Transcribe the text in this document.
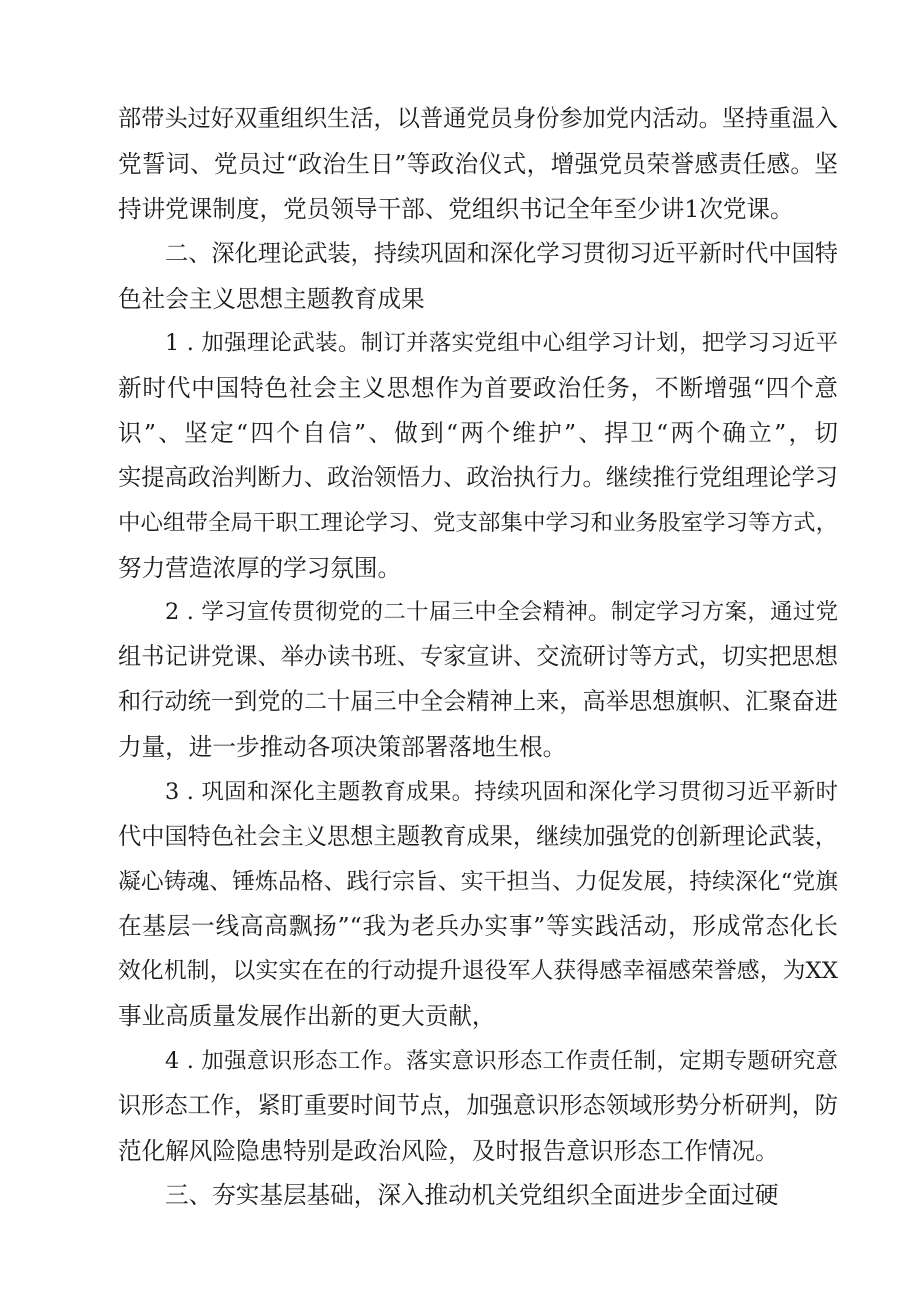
部带头过好双重组织生活，以普通党员身份参加党内活动。坚持重温入

党誓词、党员过“政治生日”等政治仪式，增强党员荣誉感责任感。坚

持讲党课制度，党员领导干部、党组织书记全年至少讲1次党课。

二、深化理论武装，持续巩固和深化学习贯彻习近平新时代中国特

色社会主义思想主题教育成果

1 . 加强理论武装。制订并落实党组中心组学习计划，把学习习近平

新时代中国特色社会主义思想作为首要政治任务，不断增强“四个意

识”、坚定“四个自信”、做到“两个维护”、捍卫“两个确立”，切

实提高政治判断力、政治领悟力、政治执行力。继续推行党组理论学习

中心组带全局干职工理论学习、党支部集中学习和业务股室学习等方式，

努力营造浓厚的学习氛围。

2 . 学习宣传贯彻党的二十届三中全会精神。制定学习方案，通过党

组书记讲党课、举办读书班、专家宣讲、交流研讨等方式，切实把思想

和行动统一到党的二十届三中全会精神上来，高举思想旗帜、汇聚奋进

力量，进一步推动各项决策部署落地生根。

3 . 巩固和深化主题教育成果。持续巩固和深化学习贯彻习近平新时

代中国特色社会主义思想主题教育成果，继续加强党的创新理论武装，

凝心铸魂、锤炼品格、践行宗旨、实干担当、力促发展，持续深化“党旗

在基层一线高高飘扬”“我为老兵办实事”等实践活动，形成常态化长

效化机制，以实实在在的行动提升退役军人获得感幸福感荣誉感，为XX

事业高质量发展作出新的更大贡献，

4 . 加强意识形态工作。落实意识形态工作责任制，定期专题研究意

识形态工作，紧盯重要时间节点，加强意识形态领域形势分析研判，防

范化解风险隐患特别是政治风险，及时报告意识形态工作情况。

三、夯实基层基础，深入推动机关党组织全面进步全面过硬
